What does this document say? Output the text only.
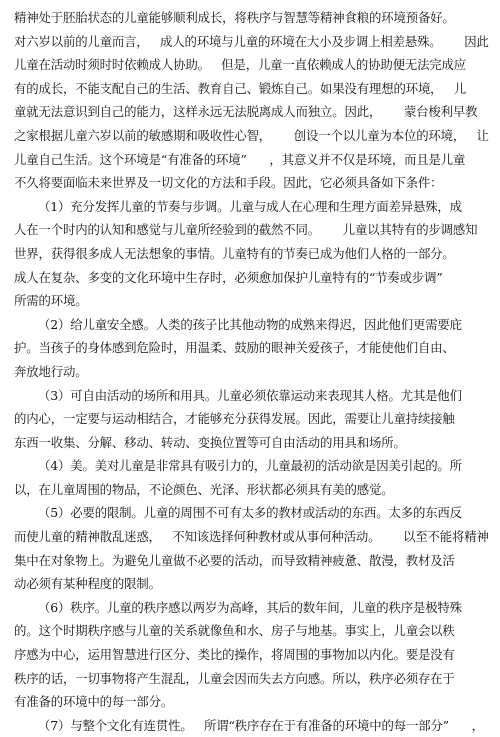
精神处于胚胎状态的儿童能够顺利成长，将秩序与智慧等精神食粮的环境预备好。
对六岁以前的儿童而言，   成人的环境与儿童的环境在大小及步调上相差悬殊。      因此
儿童在活动时须时时依赖成人协助。   但是，儿童一直依赖成人的协助便无法完成应
有的成长，不能支配自己的生活、教育自己、锻炼自己。如果没有理想的环境，   儿
童就无法意识到自己的能力，这样永远无法脱离成人而独立。因此，      蒙台梭利早教
之家根据儿童六岁以前的敏感期和吸收性心智，      创设一个以儿童为本位的环境，   让
儿童自己生活。这个环境是“有准备的环境”      ，其意义并不仅是环境，而且是儿童
不久将要面临未来世界及一切文化的方法和手段。因此，它必须具备如下条件：
（1）充分发挥儿童的节奏与步调。儿童与成人在心理和生理方面差异悬殊，成
人在一个时内的认知和感觉与儿童所经验到的截然不同。      儿童以其特有的步调感知
世界，获得很多成人无法想象的事情。儿童特有的节奏已成为他们人格的一部分。
成人在复杂、多变的文化环境中生存时，必须愈加保护儿童特有的“节奏或步调”
所需的环境。
（2）给儿童安全感。人类的孩子比其他动物的成熟来得迟，因此他们更需要庇
护。当孩子的身体感到危险时，用温柔、鼓励的眼神关爱孩子，才能使他们自由、
奔放地行动。
（3）可自由活动的场所和用具。儿童必须依靠运动来表现其人格。尤其是他们
的内心，一定要与运动相结合，才能够充分获得发展。因此，需要让儿童持续接触
东西一收集、分解、移动、转动、变换位置等可自由活动的用具和场所。
（4）美。美对儿童是非常具有吸引力的，儿童最初的活动欲是因美引起的。所
以，在儿童周围的物品，不论颜色、光泽、形状都必须具有美的感觉。
（5）必要的限制。儿童的周围不可有太多的教材或活动的东西。太多的东西反
而使儿童的精神散乱迷惑，   不知该选择何种教材或从事何种活动。      以至不能将精神
集中在对象物上。为避免儿童做不必要的活动，而导致精神疲惫、散漫，教材及活
动必须有某种程度的限制。
（6）秩序。儿童的秩序感以两岁为高峰，其后的数年间，儿童的秩序是极特殊
的。这个时期秩序感与儿童的关系就像鱼和水、房子与地基。事实上，儿童会以秩
序感为中心，运用智慧进行区分、类比的操作，将周围的事物加以内化。要是没有
秩序的话，一切事物将产生混乱，儿童会因而失去方向感。所以，秩序必须存在于
有准备的环境中的每一部分。
（7）与整个文化有连贯性。   所谓“秩序存在于有准备的环境中的每一部分”      ，
